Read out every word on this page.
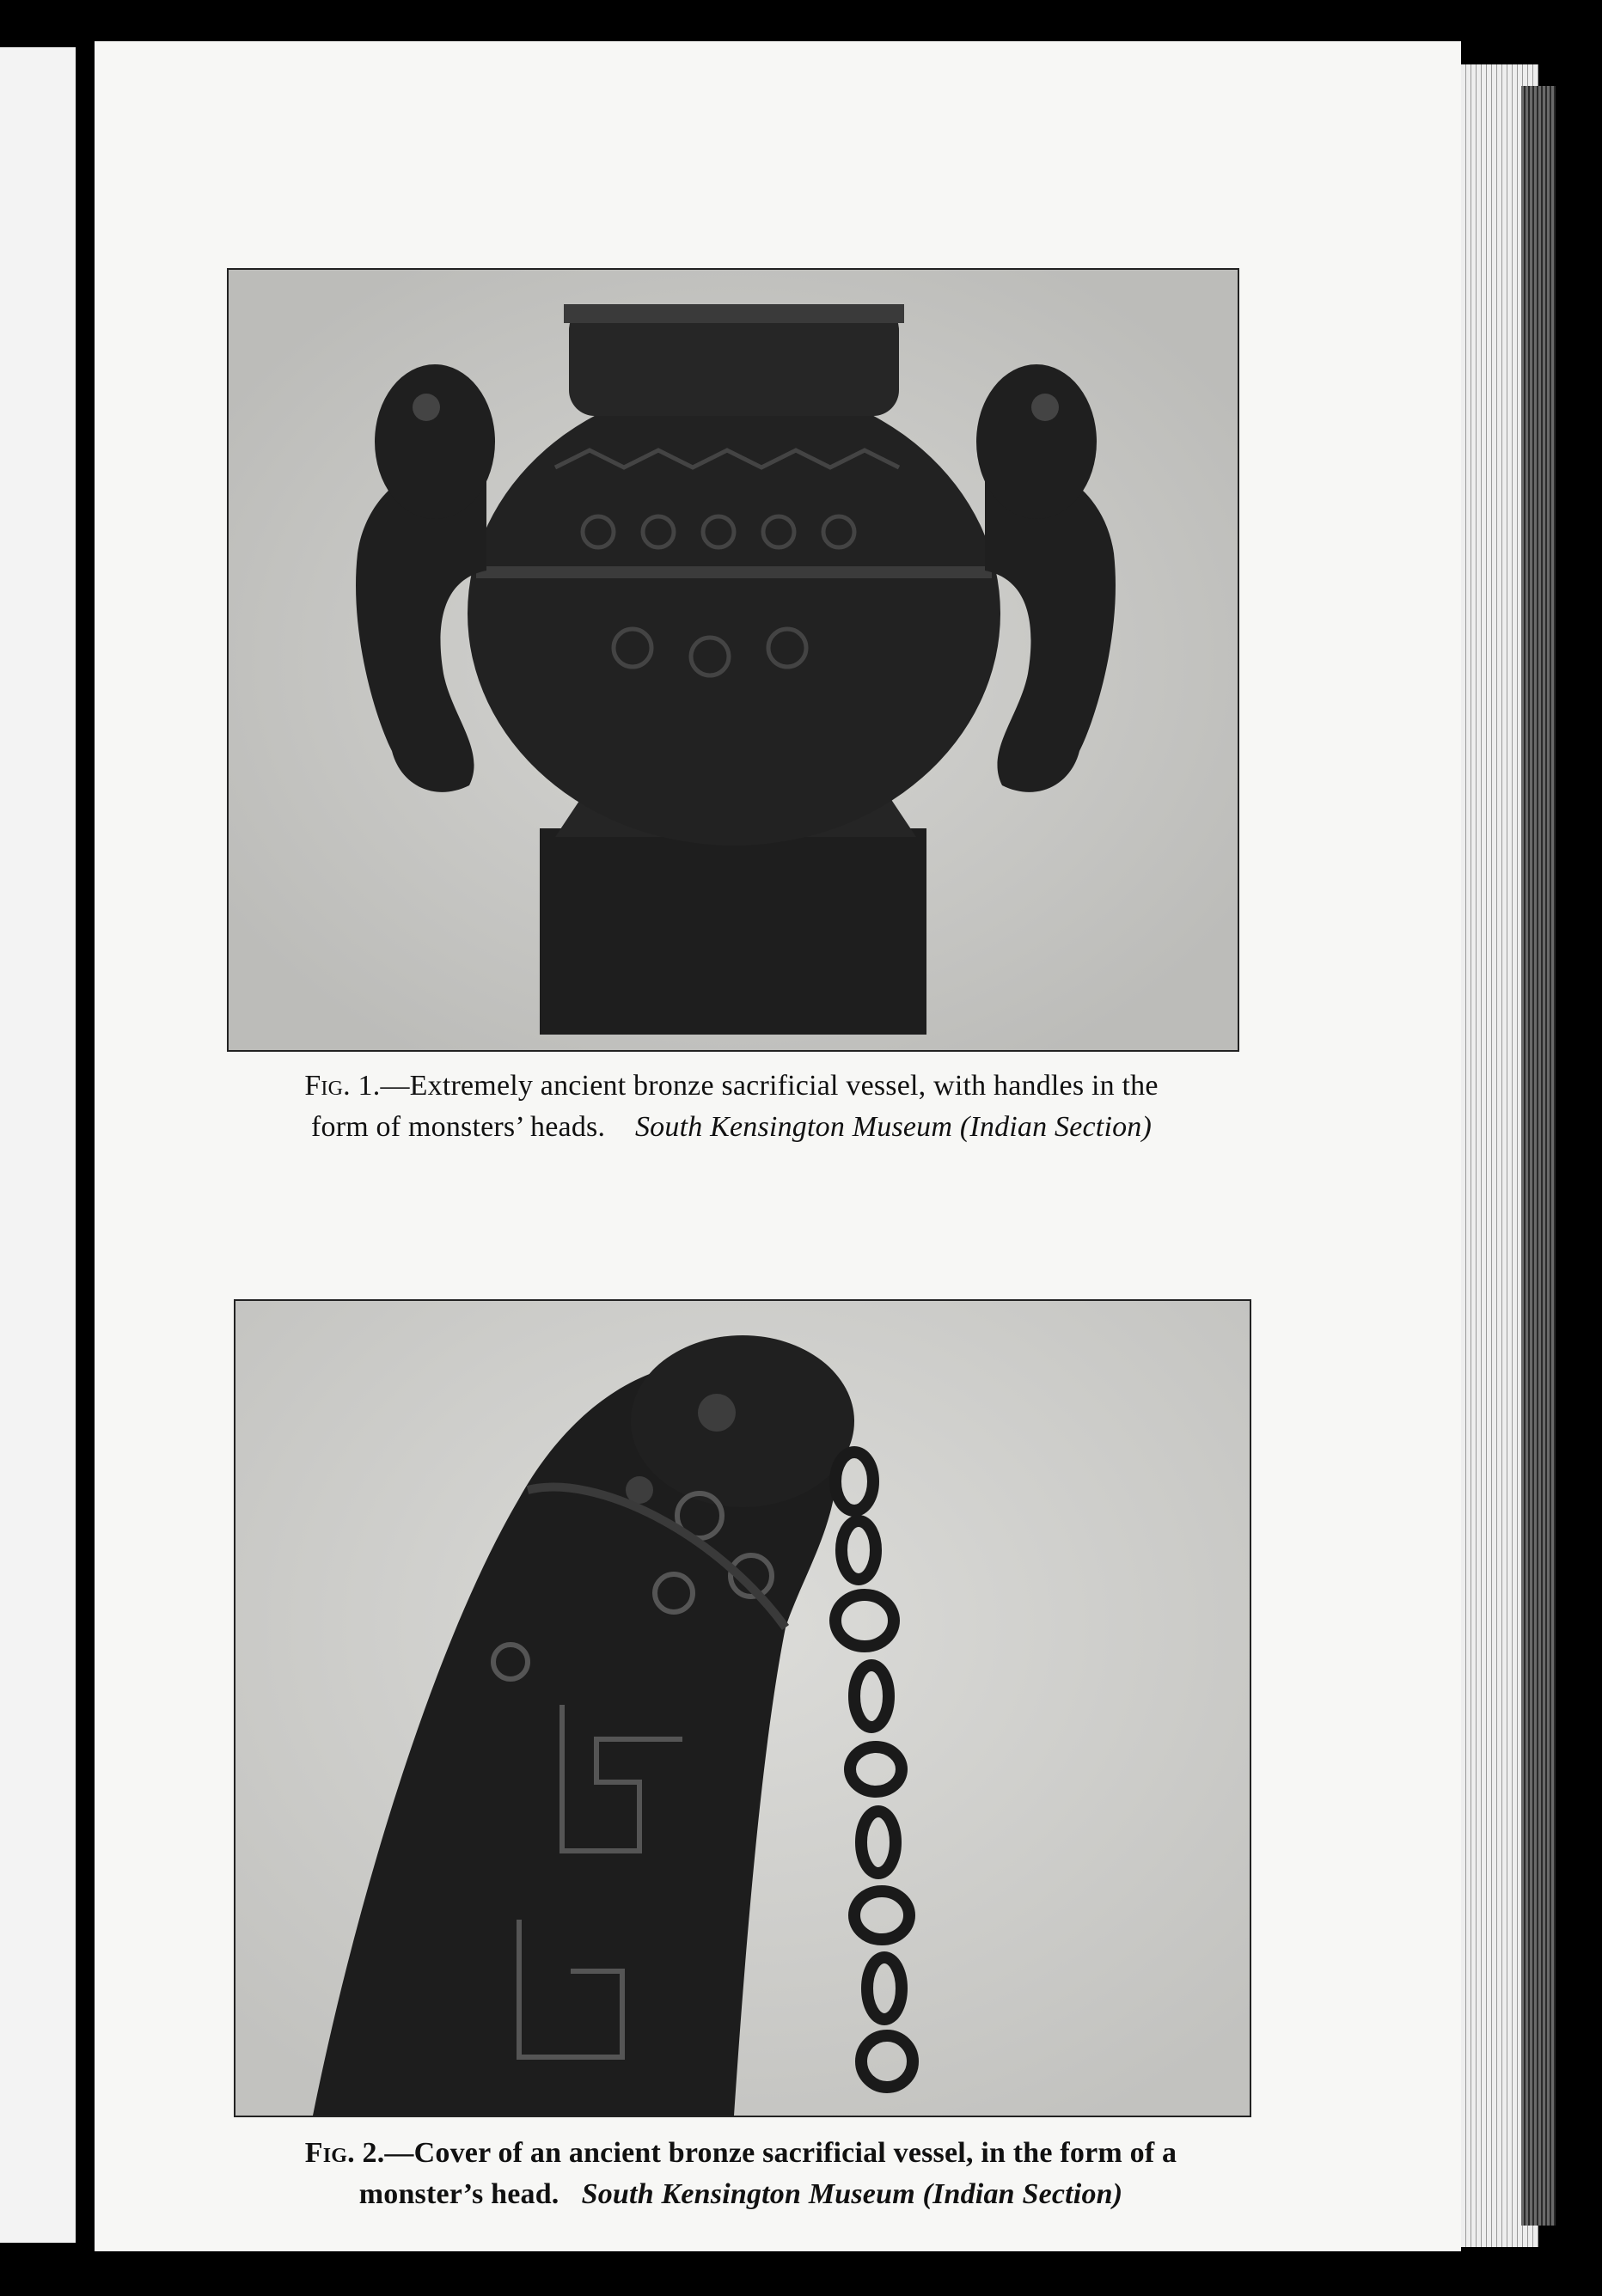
Fig. 1.—Extremely ancient bronze sacrificial vessel, with handles in the
form of monsters’ heads. South Kensington Museum (Indian Section)
Fig. 2.—Cover of an ancient bronze sacrificial vessel, in the form of a
monster’s head. South Kensington Museum (Indian Section)
